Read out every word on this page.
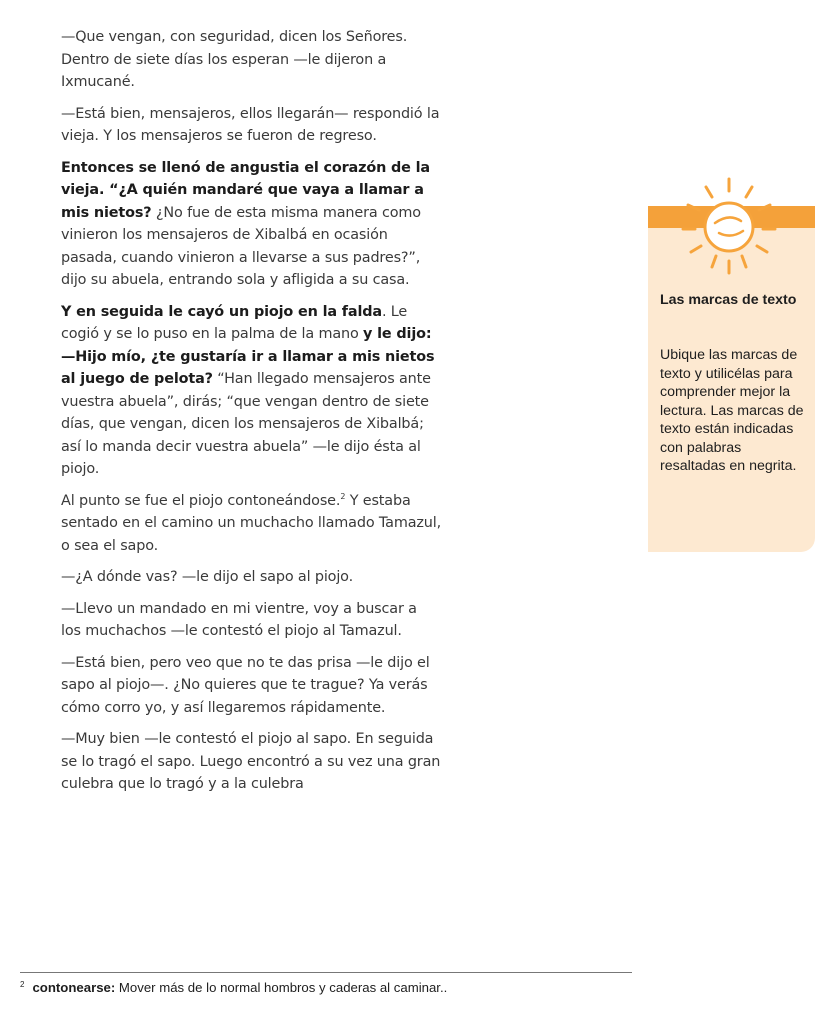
—Que vengan, con seguridad, dicen los Señores. Dentro de siete días los esperan —le dijeron a Ixmucané.

—Está bien, mensajeros, ellos llegarán— respondió la vieja. Y los mensajeros se fueron de regreso.

Entonces se llenó de angustia el corazón de la vieja. “¿A quién mandaré que vaya a llamar a mis nietos? ¿No fue de esta misma manera como vinieron los mensajeros de Xibalbá en ocasión pasada, cuando vinieron a llevarse a sus padres?”, dijo su abuela, entrando sola y afligida a su casa.

Y en seguida le cayó un piojo en la falda. Le cogió y se lo puso en la palma de la mano y le dijo: —Hijo mío, ¿te gustaría ir a llamar a mis nietos al juego de pelota? “Han llegado mensajeros ante vuestra abuela”, dirás; “que vengan dentro de siete días, que vengan, dicen los mensajeros de Xibalbá; así lo manda decir vuestra abuela” —le dijo ésta al piojo.

Al punto se fue el piojo contoneándose.$^2$ Y estaba sentado en el camino un muchacho llamado Tamazul, o sea el sapo.

—¿A dónde vas? —le dijo el sapo al piojo.

—Llevo un mandado en mi vientre, voy a buscar a los muchachos —le contestó el piojo al Tamazul.

—Está bien, pero veo que no te das prisa —le dijo el sapo al piojo—. ¿No quieres que te trague? Ya verás cómo corro yo, y así llegaremos rápidamente.

—Muy bien —le contestó el piojo al sapo. En seguida se lo tragó el sapo. Luego encontró a su vez una gran culebra que lo tragó y a la culebra

Las marcas de texto

Ubique las marcas de texto y utilicélas para comprender mejor la lectura. Las marcas de texto están indicadas con palabras resaltadas en negrita.

$^2$ contonearse: Mover más de lo normal hombros y caderas al caminar..
